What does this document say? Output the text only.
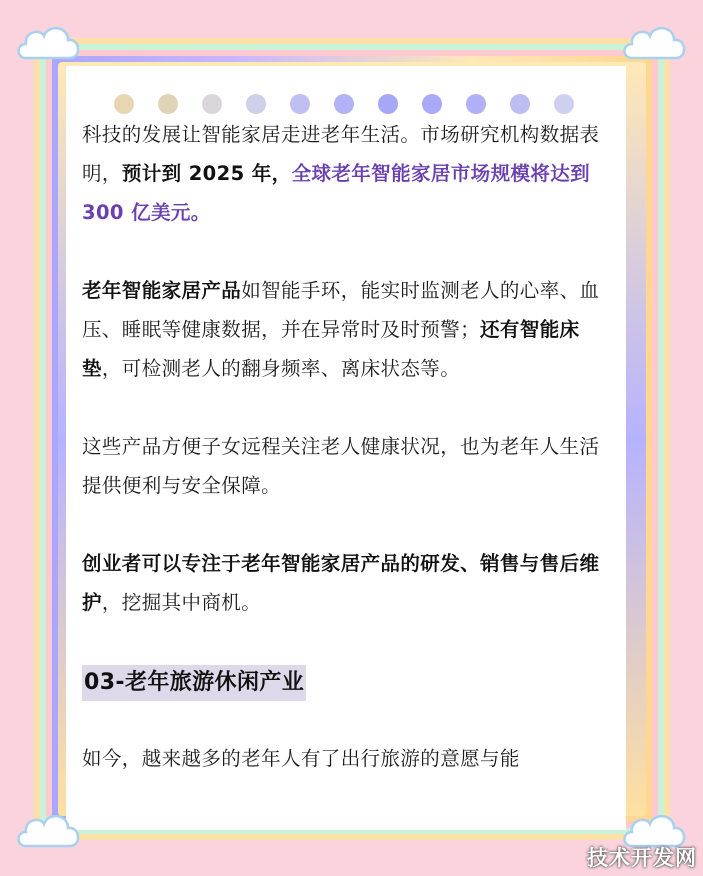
科技的发展让智能家居走进老年生活。市场研究机构数据表明，预计到 2025 年，全球老年智能家居市场规模将达到 300 亿美元。

老年智能家居产品如智能手环，能实时监测老人的心率、血压、睡眠等健康数据，并在异常时及时预警；还有智能床垫，可检测老人的翻身频率、离床状态等。

这些产品方便子女远程关注老人健康状况，也为老年人生活提供便利与安全保障。

创业者可以专注于老年智能家居产品的研发、销售与售后维护，挖掘其中商机。

03-老年旅游休闲产业

如今，越来越多的老年人有了出行旅游的意愿与能

技术开发网
